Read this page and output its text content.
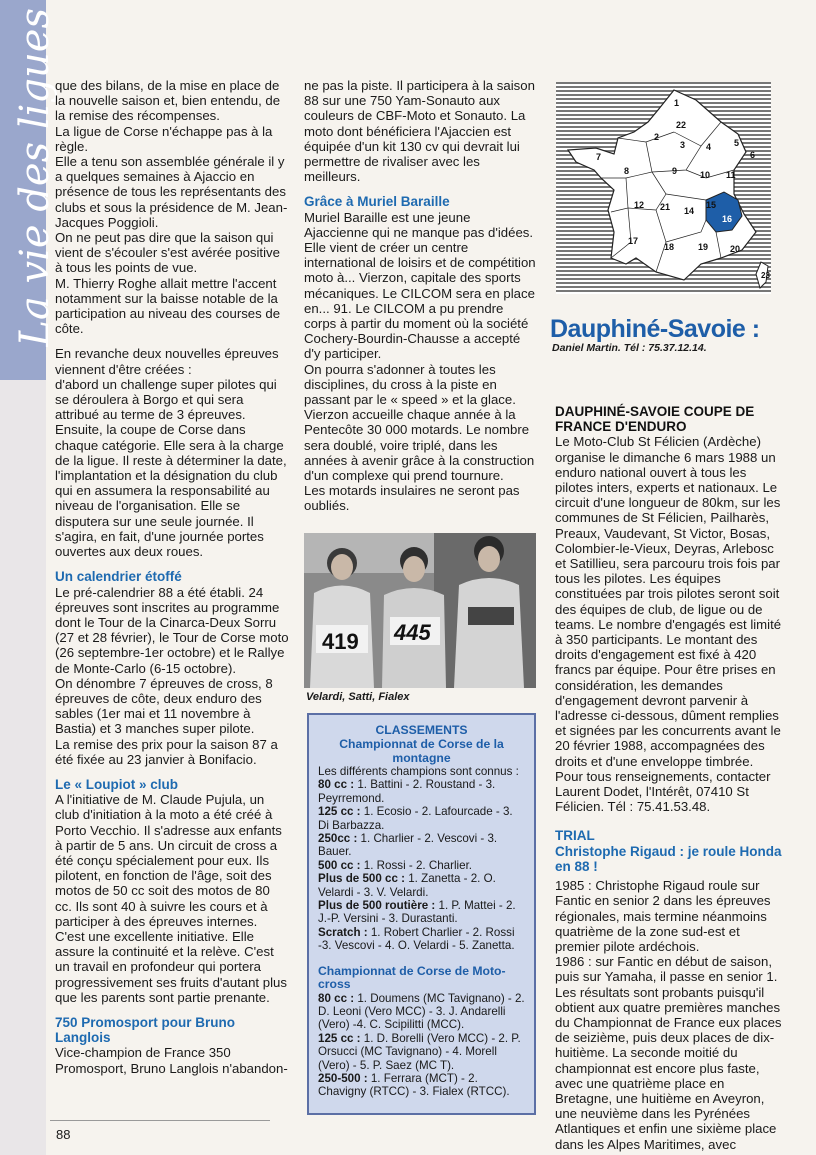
La vie des ligues

que des bilans, de la mise en place de la nouvelle saison et, bien entendu, de la remise des récompenses.

La ligue de Corse n'échappe pas à la règle.

Elle a tenu son assemblée générale il y a quelques semaines à Ajaccio en présence de tous les représentants des clubs et sous la présidence de M. Jean-Jacques Poggioli.

On ne peut pas dire que la saison qui vient de s'écouler s'est avérée positive à tous les points de vue.

M. Thierry Roghe allait mettre l'accent notamment sur la baisse notable de la participation au niveau des courses de côte.

En revanche deux nouvelles épreuves viennent d'être créées :

d'abord un challenge super pilotes qui se déroulera à Borgo et qui sera attribué au terme de 3 épreuves.

Ensuite, la coupe de Corse dans chaque catégorie. Elle sera à la charge de la ligue. Il reste à déterminer la date, l'implantation et la désignation du club qui en assumera la responsabilité au niveau de l'organisation. Elle se disputera sur une seule journée. Il s'agira, en fait, d'une journée portes ouvertes aux deux roues.

Un calendrier étoffé

Le pré-calendrier 88 a été établi. 24 épreuves sont inscrites au programme dont le Tour de la Cinarca-Deux Sorru (27 et 28 février), le Tour de Corse moto (26 septembre-1er octobre) et le Rallye de Monte-Carlo (6-15 octobre).

On dénombre 7 épreuves de cross, 8 épreuves de côte, deux enduro des sables (1er mai et 11 novembre à Bastia) et 3 manches super pilote.

La remise des prix pour la saison 87 a été fixée au 23 janvier à Bonifacio.

Le « Loupiot » club

A l'initiative de M. Claude Pujula, un club d'initiation à la moto a été créé à Porto Vecchio. Il s'adresse aux enfants à partir de 5 ans. Un circuit de cross a été conçu spécialement pour eux. Ils pilotent, en fonction de l'âge, soit des motos de 50 cc soit des motos de 80 cc. Ils sont 40 à suivre les cours et à participer à des épreuves internes. C'est une excellente initiative. Elle assure la continuité et la relève. C'est un travail en profondeur qui portera progressivement ses fruits d'autant plus que les parents sont partie prenante.

750 Promosport pour Bruno Langlois

Vice-champion de France 350 Promosport, Bruno Langlois n'abandon-

ne pas la piste. Il participera à la saison 88 sur une 750 Yam-Sonauto aux couleurs de CBF-Moto et Sonauto. La moto dont bénéficiera l'Ajaccien est équipée d'un kit 130 cv qui devrait lui permettre de rivaliser avec les meilleurs.

Grâce à Muriel Baraille

Muriel Baraille est une jeune Ajaccienne qui ne manque pas d'idées. Elle vient de créer un centre international de loisirs et de compétition moto à... Vierzon, capitale des sports mécaniques. Le CILCOM sera en place en... 91. Le CILCOM a pu prendre corps à partir du moment où la société Cochery-Bourdin-Chausse a accepté d'y participer.

On pourra s'adonner à toutes les disciplines, du cross à la piste en passant par le « speed » et la glace.

Vierzon accueille chaque année à la Pentecôte 30 000 motards. Le nombre sera doublé, voire triplé, dans les années à avenir grâce à la construction d'un complexe qui prend tournure.

Les motards insulaires ne seront pas oubliés.

419 445
Velardi, Satti, Fialex
CLASSEMENTS
Championnat de Corse de la montagne

Les différents champions sont connus :

80 cc : 1. Battini - 2. Roustand - 3. Peyrremond.

125 cc : 1. Ecosio - 2. Lafourcade - 3. Di Barbazza.

250cc : 1. Charlier - 2. Vescovi - 3. Bauer.

500 cc : 1. Rossi - 2. Charlier.

Plus de 500 cc : 1. Zanetta - 2. O. Velardi - 3. V. Velardi.

Plus de 500 routière : 1. P. Mattei - 2. J.-P. Versini - 3. Durastanti.

Scratch : 1. Robert Charlier - 2. Rossi -3. Vescovi - 4. O. Velardi - 5. Zanetta.

Championnat de Corse de Moto-cross

80 cc : 1. Doumens (MC Tavignano) - 2. D. Leoni (Vero MCC) - 3. J. Andarelli (Vero) -4. C. Scipilitti (MCC).

125 cc : 1. D. Borelli (Vero MCC) - 2. P. Orsucci (MC Tavignano) - 4. Morell (Vero) - 5. P. Saez (MC T).

250-500 : 1. Ferrara (MCT) - 2. Chavigny (RTCC) - 3. Fialex (RTCC).

1
22
2
3 4	5
6
7
8	9	10 11
12 21 14
15
16
17
18	19 20
23
Dauphiné-Savoie :
Daniel Martin. Tél : 75.37.12.14.
DAUPHINÉ-SAVOIE COUPE DE FRANCE D'ENDURO

Le Moto-Club St Félicien (Ardèche) organise le dimanche 6 mars 1988 un enduro national ouvert à tous les pilotes inters, experts et nationaux. Le circuit d'une longueur de 80km, sur les communes de St Félicien, Pailharès, Preaux, Vaudevant, St Victor, Bosas, Colombier-le-Vieux, Deyras, Arlebosc et Satillieu, sera parcouru trois fois par tous les pilotes. Les équipes constituées par trois pilotes seront soit des équipes de club, de ligue ou de teams. Le nombre d'engagés est limité à 350 participants. Le montant des droits d'engagement est fixé à 420 francs par équipe. Pour être prises en considération, les demandes d'engagement devront parvenir à l'adresse ci-dessous, dûment remplies et signées par les concurrents avant le 20 février 1988, accompagnées des droits et d'une enveloppe timbrée.

Pour tous renseignements, contacter Laurent Dodet, l'Intérêt, 07410 St Félicien. Tél : 75.41.53.48.

TRIAL
Christophe Rigaud : je roule Honda en 88 !

1985 : Christophe Rigaud roule sur Fantic en senior 2 dans les épreuves régionales, mais termine néanmoins quatrième de la zone sud-est et premier pilote ardéchois.

1986 : sur Fantic en début de saison, puis sur Yamaha, il passe en senior 1. Les résultats sont probants puisqu'il obtient aux quatre premières manches du Championnat de France eux places de seizième, puis deux places de dix-huitième. La seconde moitié du championnat est encore plus faste, avec une quatrième place en Bretagne, une huitième en Aveyron, une neuvième dans les Pyrénées Atlantiques et enfin une sixième place dans les Alpes Maritimes, avec

88
